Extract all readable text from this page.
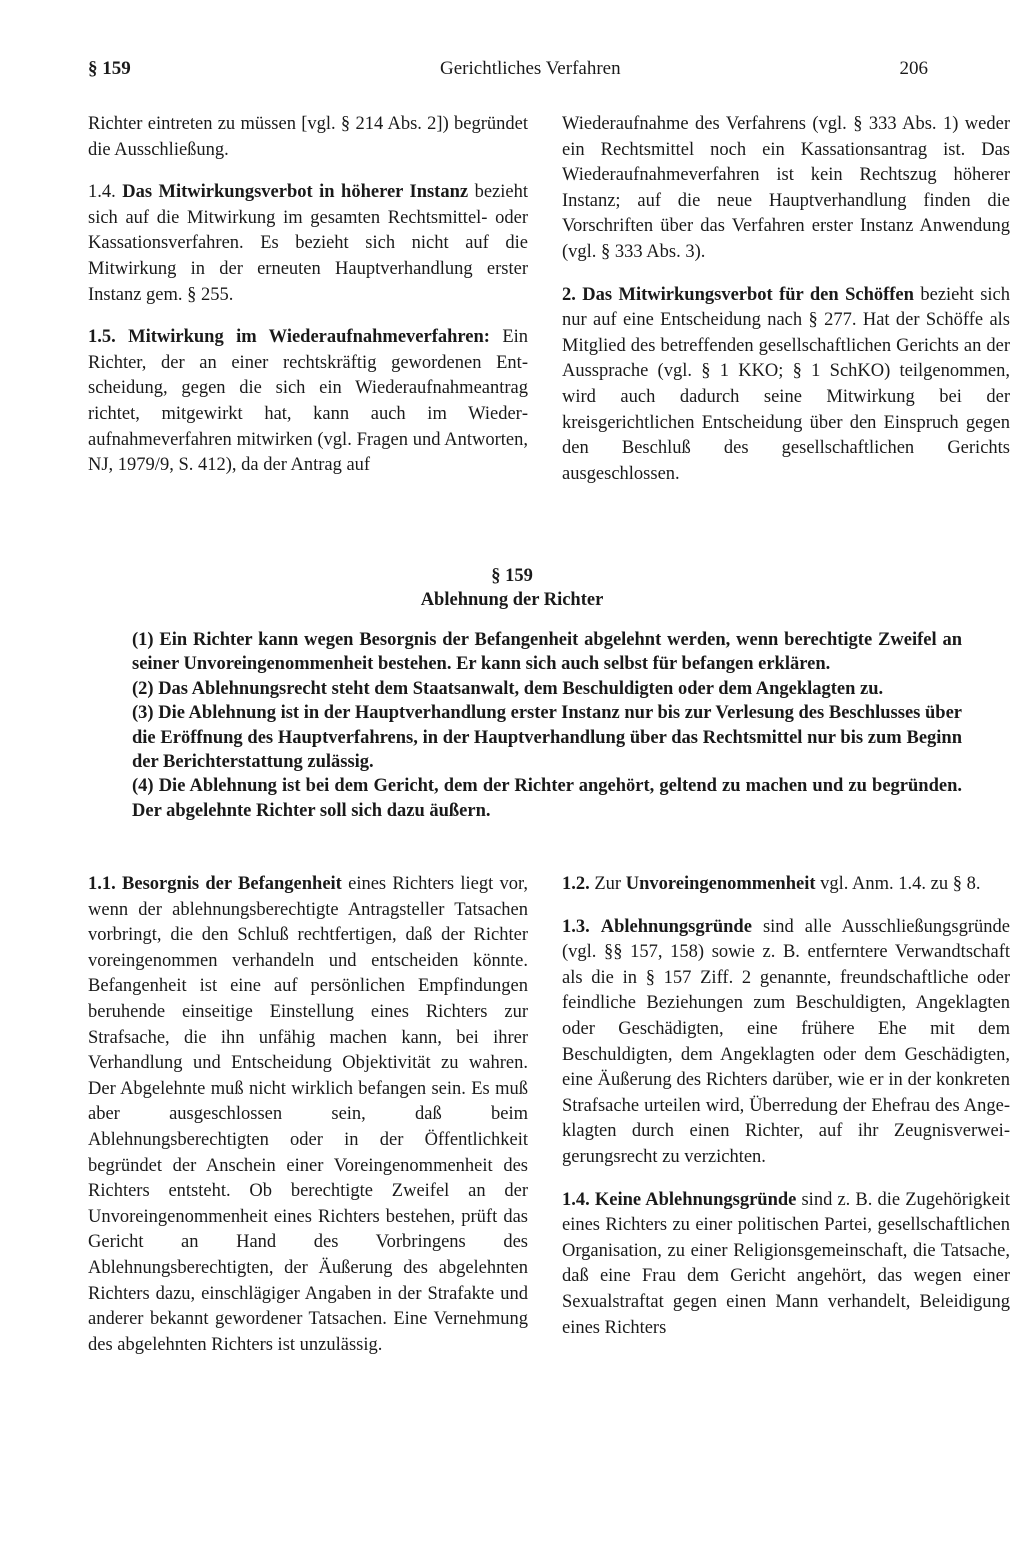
§ 159	Gerichtliches Verfahren	206

Richter eintreten zu müssen [vgl. § 214 Abs. 2]) begründet die Ausschließung.

1.4. Das Mitwirkungsverbot in höherer Instanz bezieht sich auf die Mitwirkung im gesamten Rechtsmittel- oder Kassationsverfahren. Es bezieht sich nicht auf die Mitwirkung in der erneuten Hauptverhandlung erster Instanz gem. § 255.

1.5. Mitwirkung im Wiederaufnahmeverfahren: Ein Richter, der an einer rechtskräftig gewordenen Entscheidung, gegen die sich ein Wiederaufnahmeantrag richtet, mitgewirkt hat, kann auch im Wiederaufnahmeverfahren mitwirken (vgl. Fragen und Antworten, NJ, 1979/9, S. 412), da der Antrag auf

Wiederaufnahme des Verfahrens (vgl. § 333 Abs. 1) weder ein Rechtsmittel noch ein Kassationsantrag ist. Das Wiederaufnahmeverfahren ist kein Rechtszug höherer Instanz; auf die neue Hauptverhandlung finden die Vorschriften über das Verfahren erster Instanz Anwendung (vgl. § 333 Abs. 3).

2. Das Mitwirkungsverbot für den Schöffen bezieht sich nur auf eine Entscheidung nach § 277. Hat der Schöffe als Mitglied des betreffenden gesellschaftlichen Gerichts an der Aussprache (vgl. § 1 KKO; § 1 SchKO) teilgenommen, wird auch dadurch seine Mitwirkung bei der kreisgerichtlichen Entscheidung über den Einspruch gegen den Beschluß des gesellschaftlichen Gerichts ausgeschlossen.

§ 159
Ablehnung der Richter

(1) Ein Richter kann wegen Besorgnis der Befangenheit abgelehnt werden, wenn berechtigte Zweifel an seiner Unvoreingenommenheit bestehen. Er kann sich auch selbst für befangen erklären.

(2) Das Ablehnungsrecht steht dem Staatsanwalt, dem Beschuldigten oder dem Angeklagten zu.

(3) Die Ablehnung ist in der Hauptverhandlung erster Instanz nur bis zur Verlesung des Beschlusses über die Eröffnung des Hauptverfahrens, in der Hauptverhandlung über das Rechtsmittel nur bis zum Beginn der Berichterstattung zulässig.

(4) Die Ablehnung ist bei dem Gericht, dem der Richter angehört, geltend zu machen und zu begründen. Der abgelehnte Richter soll sich dazu äußern.

1.1. Besorgnis der Befangenheit eines Richters liegt vor, wenn der ablehnungsberechtigte Antragsteller Tatsachen vorbringt, die den Schluß rechtfertigen, daß der Richter voreingenommen verhandeln und entscheiden könnte. Befangenheit ist eine auf persönlichen Empfindungen beruhende einseitige Einstellung eines Richters zur Strafsache, die ihn unfähig machen kann, bei ihrer Verhandlung und Entscheidung Objektivität zu wahren. Der Abgelehnte muß nicht wirklich befangen sein. Es muß aber ausgeschlossen sein, daß beim Ablehnungsberechtigten oder in der Öffentlichkeit begründet der Anschein einer Voreingenommenheit des Richters entsteht. Ob berechtigte Zweifel an der Unvoreingenommenheit eines Richters bestehen, prüft das Gericht an Hand des Vorbringens des Ablehnungsberechtigten, der Äußerung des abgelehnten Richters dazu, einschlägiger Angaben in der Strafakte und anderer bekannt gewordener Tatsachen. Eine Vernehmung des abgelehnten Richters ist unzulässig.

1.2. Zur Unvoreingenommenheit vgl. Anm. 1.4. zu § 8.

1.3. Ablehnungsgründe sind alle Ausschließungsgründe (vgl. §§ 157, 158) sowie z. B. entferntere Verwandtschaft als die in § 157 Ziff. 2 genannte, freundschaftliche oder feindliche Beziehungen zum Beschuldigten, Angeklagten oder Geschädigten, eine frühere Ehe mit dem Beschuldigten, dem Angeklagten oder dem Geschädigten, eine Äußerung des Richters darüber, wie er in der konkreten Strafsache urteilen wird, Überredung der Ehefrau des Angeklagten durch einen Richter, auf ihr Zeugnisverweigerungsrecht zu verzichten.

1.4. Keine Ablehnungsgründe sind z. B. die Zugehörigkeit eines Richters zu einer politischen Partei, gesellschaftlichen Organisation, zu einer Religionsgemeinschaft, die Tatsache, daß eine Frau dem Gericht angehört, das wegen einer Sexualstraftat gegen einen Mann verhandelt, Beleidigung eines Richters
